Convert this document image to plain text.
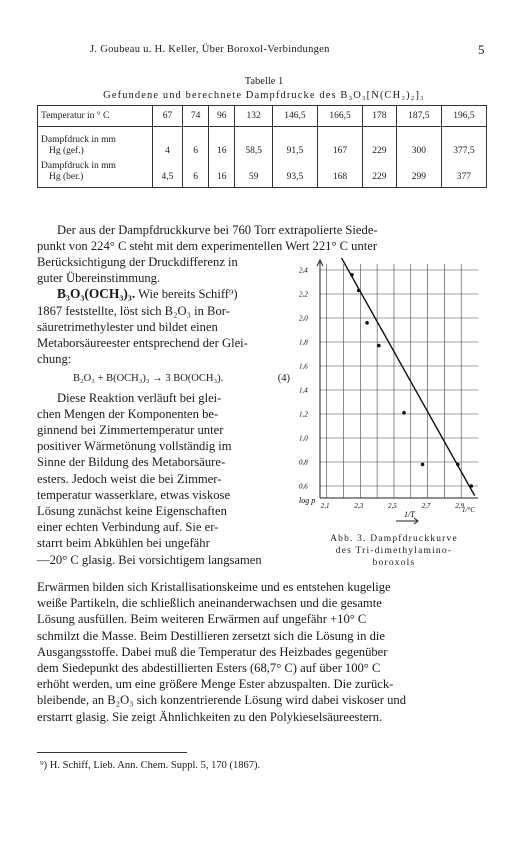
J. Goubeau u. H. Keller, Über Boroxol-Verbindungen	5
Tabelle 1
Gefundene und berechnete Dampfdrucke des B₃O₃[N(CH₃)₂]₃
Temperatur in ° C	67	74	96	132	146,5	166,5	178	187,5	196,5

Dampfdruck in mm
Hg (gef.)	4	6	16	58,5	91,5	167	229	300	377,5

Dampfdruck in mm
Hg (ber.)	4,5	6	16	59	93,5	168	229	299	377
Der aus der Dampfdruckkurve bei 760 Torr extrapolierte Siede-
punkt von 224° C steht mit dem experimentellen Wert 221° C unter
Berücksichtigung der Druckdifferenz in
guter Übereinstimmung.
B₃O₃(OCH₃)₃. Wie bereits Schiff⁹)
1867 feststellte, löst sich B₂O₃ in Bor-
säuretrimethylester und bildet einen
Metaborsäureester entsprechend der Glei-
chung:
B₂O₃ + B(OCH₃)₃ → 3 BO(OCH₃).	(4)
Diese Reaktion verläuft bei glei-
chen Mengen der Komponenten be-
ginnend bei Zimmertemperatur unter
positiver Wärmetönung vollständig im
Sinne der Bildung des Metaborsäure-
esters. Jedoch weist die bei Zimmer-
temperatur wasserklare, etwas viskose
Lösung zunächst keine Eigenschaften
einer echten Verbindung auf. Sie er-
starrt beim Abkühlen bei ungefähr
—20° C glasig. Bei vorsichtigem langsamen
0,6
0,8
1,0
1,2
1,4
1,6
1,8
2,0
2,2
2,4
2,1	2,3	2,5	2,7	2,9
log p
1/T	1/°C
Abb. 3. Dampfdruckkurve
des Tri-dimethylamino-
boroxols
Erwärmen bilden sich Kristallisationskeime und es entstehen kugelige
weiße Partikeln, die schließlich aneinanderwachsen und die gesamte
Lösung ausfüllen. Beim weiteren Erwärmen auf ungefähr +10° C
schmilzt die Masse. Beim Destillieren zersetzt sich die Lösung in die
Ausgangsstoffe. Dabei muß die Temperatur des Heizbades gegenüber
dem Siedepunkt des abdestillierten Esters (68,7° C) auf über 100° C
erhöht werden, um eine größere Menge Ester abzuspalten. Die zurück-
bleibende, an B₂O₃ sich konzentrierende Lösung wird dabei viskoser und
erstarrt glasig. Sie zeigt Ähnlichkeiten zu den Polykieselsäureestern.
⁹) H. Schiff, Lieb. Ann. Chem. Suppl. 5, 170 (1867).
